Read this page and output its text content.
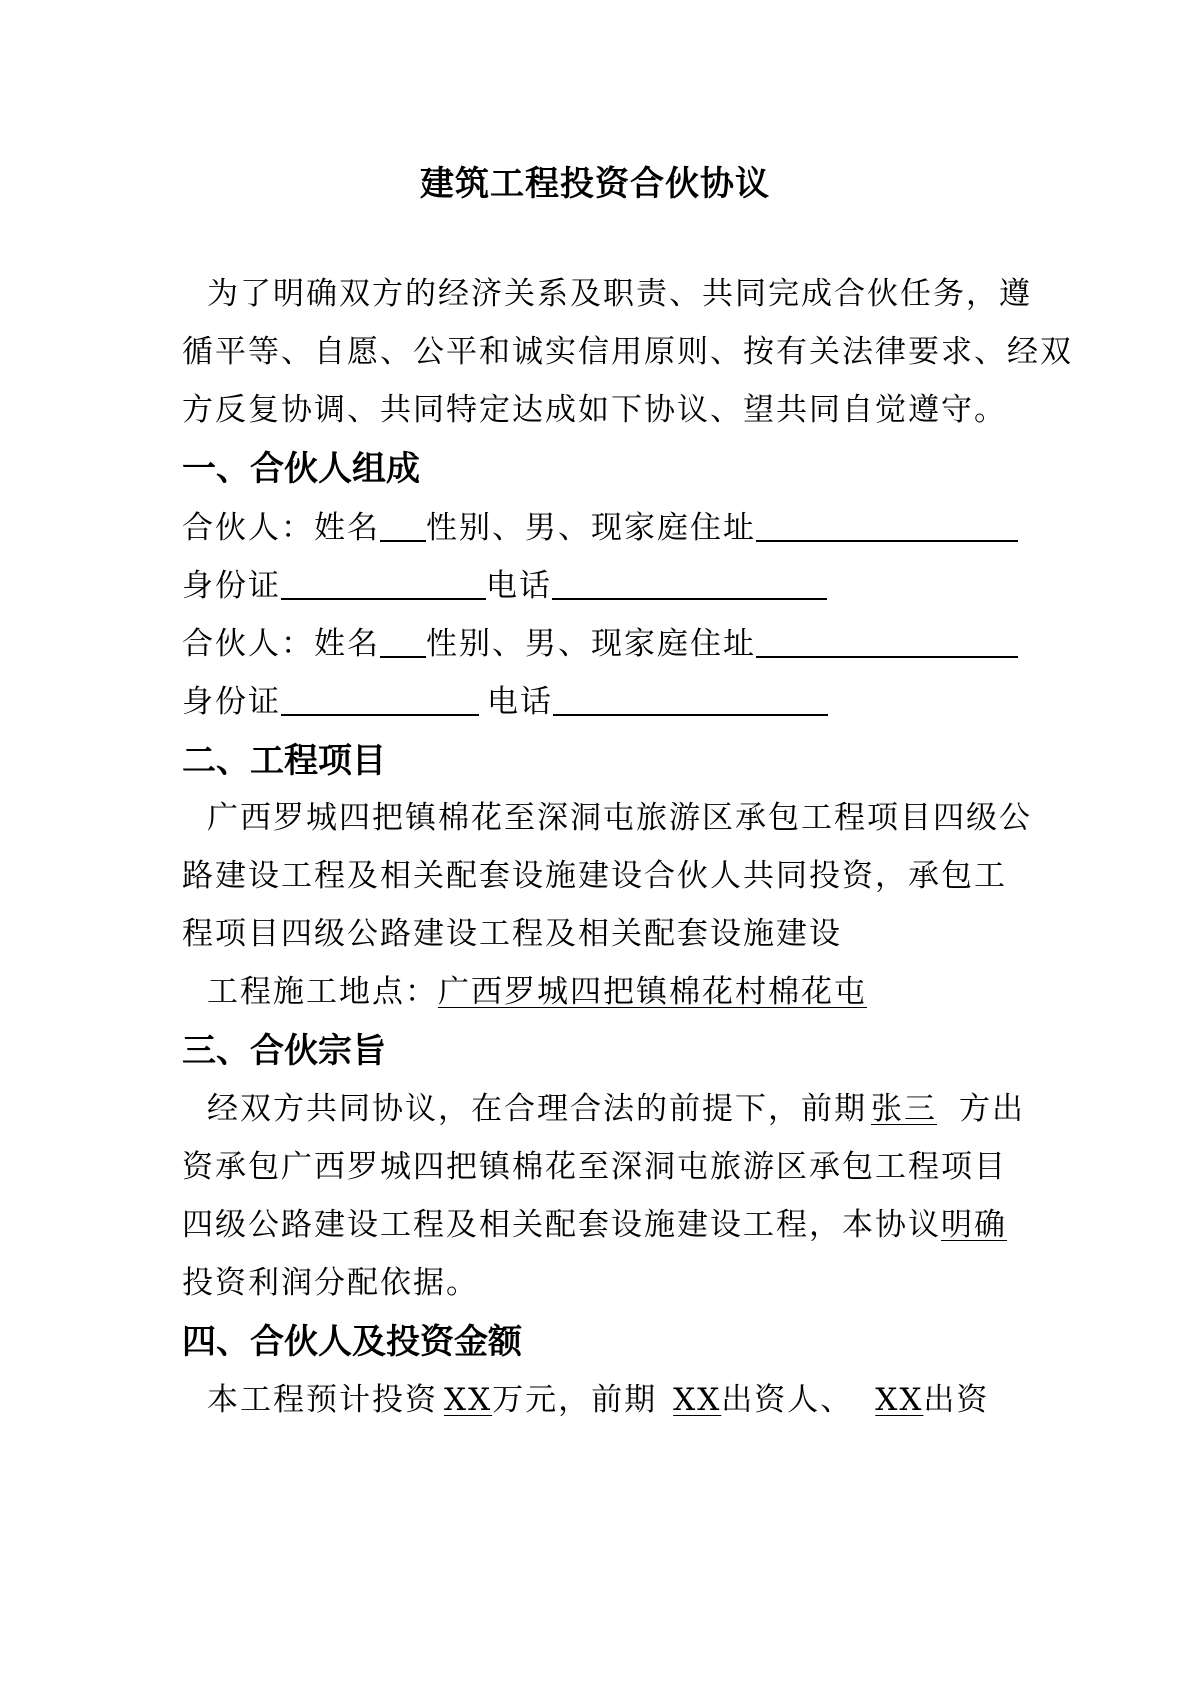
建筑工程投资合伙协议
为了明确双方的经济关系及职责、共同完成合伙任务，遵
循平等、自愿、公平和诚实信用原则、按有关法律要求、经双
方反复协调、共同特定达成如下协议、望共同自觉遵守。
一、合伙人组成
合伙人：姓名 性别、男、现家庭住址
身份证	电话
合伙人：姓名 性别、男、现家庭住址
身份证	电话
二、工程项目
广西罗城四把镇棉花至深洞屯旅游区承包工程项目四级公
路建设工程及相关配套设施建设合伙人共同投资，承包工
程项目四级公路建设工程及相关配套设施建设
工程施工地点：广西罗城四把镇棉花村棉花屯
三、合伙宗旨
经双方共同协议，在合理合法的前提下，前期 张三 方出
资承包广西罗城四把镇棉花至深洞屯旅游区承包工程项目
四级公路建设工程及相关配套设施建设工程，本协议明确
投资利润分配依据。
四、合伙人及投资金额
本工程预计投资 XX万元，前期 XX出资人、 XX出资
